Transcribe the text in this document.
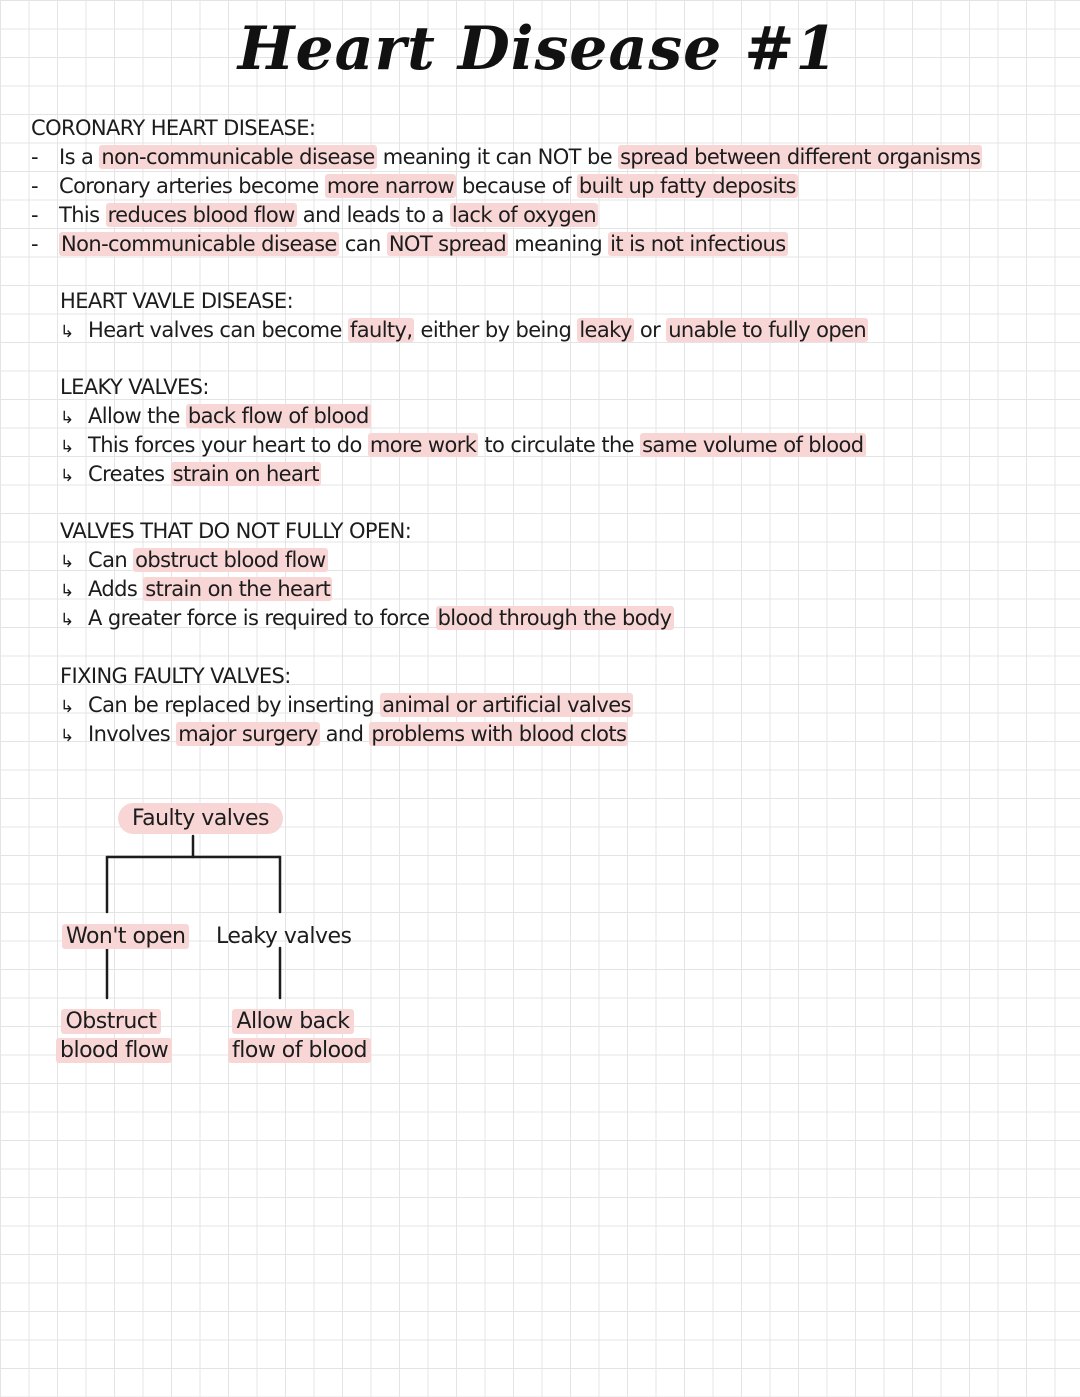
Heart Disease #1
CORONARY HEART DISEASE:
- Is a non-communicable disease meaning it can NOT be spread between different organisms
- Coronary arteries become more narrow because of built up fatty deposits
- This reduces blood flow and leads to a lack of oxygen
- Non-communicable disease can NOT spread meaning it is not infectious
HEART VAVLE DISEASE:
↳ Heart valves can become faulty, either by being leaky or unable to fully open
LEAKY VALVES:
↳ Allow the back flow of blood
↳ This forces your heart to do more work to circulate the same volume of blood
↳ Creates strain on heart
VALVES THAT DO NOT FULLY OPEN:
↳ Can obstruct blood flow
↳ Adds strain on the heart
↳ A greater force is required to force blood through the body
FIXING FAULTY VALVES:
↳ Can be replaced by inserting animal or artificial valves
↳ Involves major surgery and problems with blood clots
Faulty valves
Won't open Leaky valves
Obstruct
blood flow
Allow back
flow of blood
